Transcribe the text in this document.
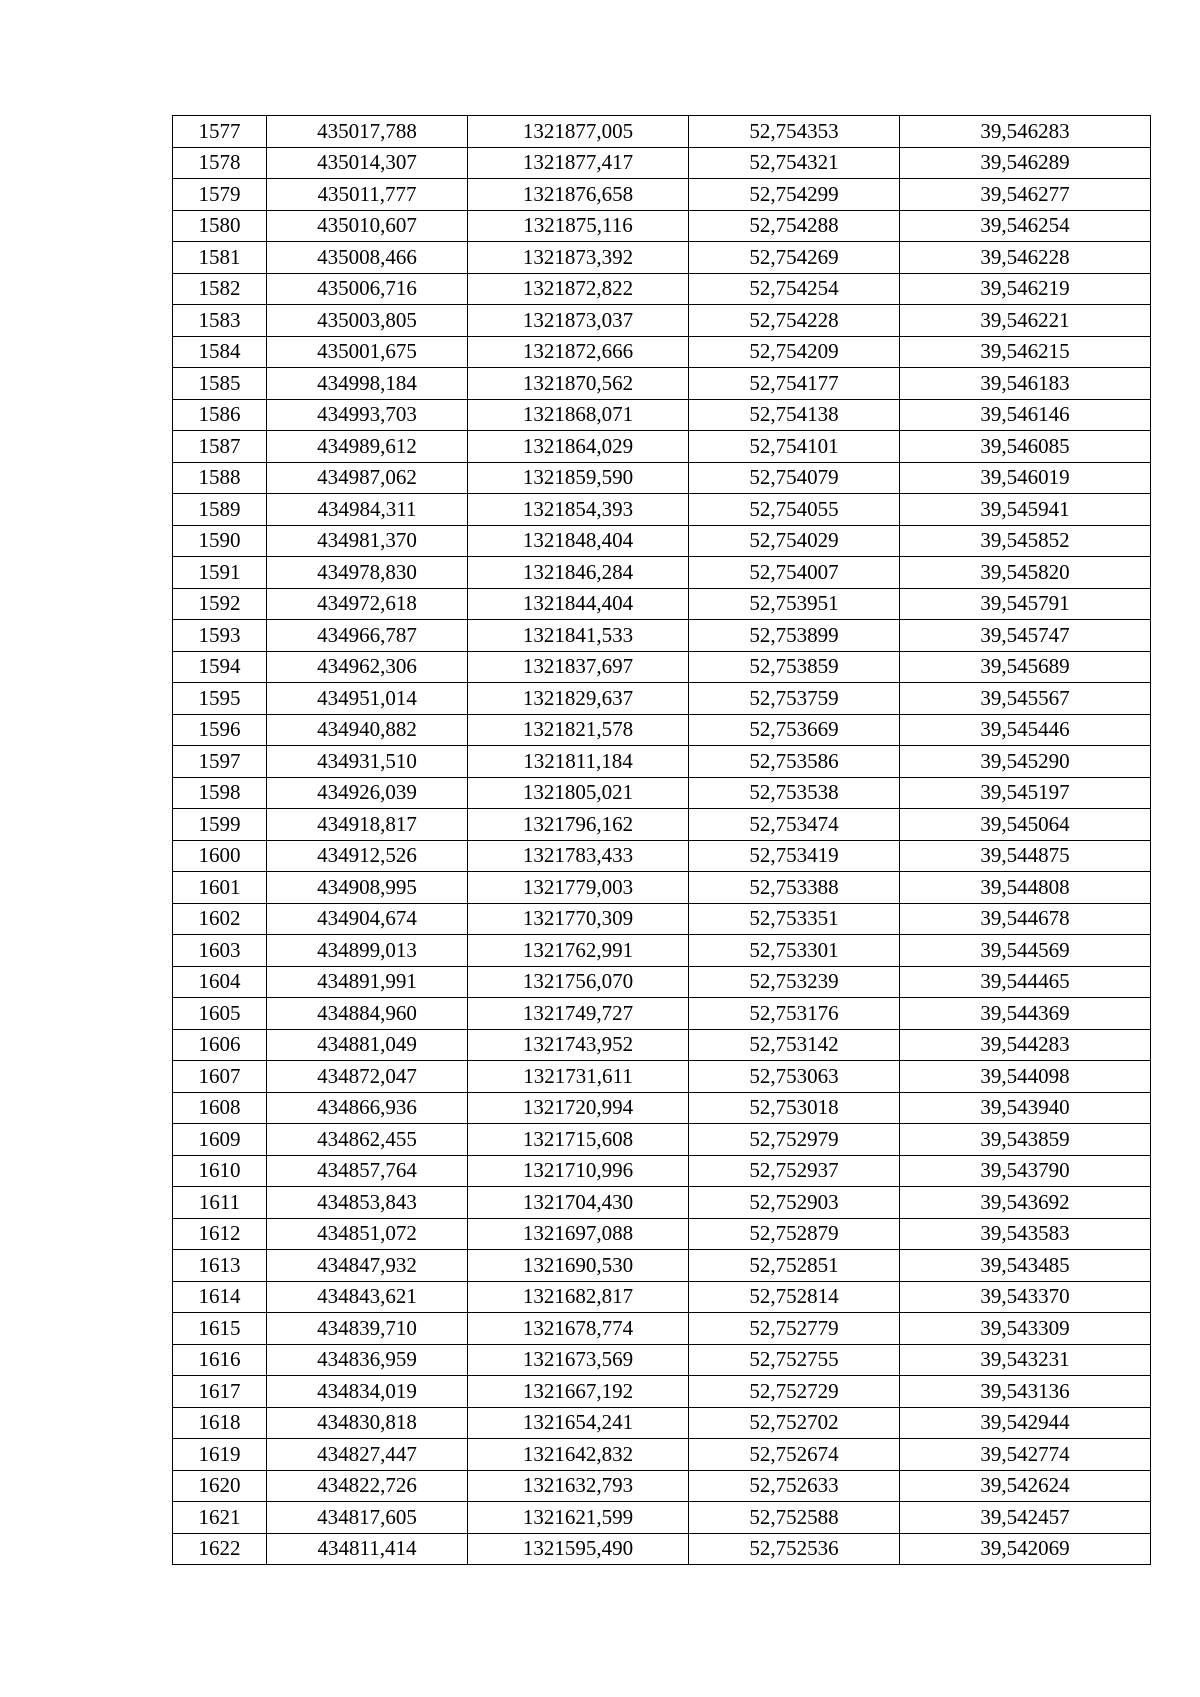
1577	435017,788	1321877,005	52,754353	39,546283
1578	435014,307	1321877,417	52,754321	39,546289
1579	435011,777	1321876,658	52,754299	39,546277
1580	435010,607	1321875,116	52,754288	39,546254
1581	435008,466	1321873,392	52,754269	39,546228
1582	435006,716	1321872,822	52,754254	39,546219
1583	435003,805	1321873,037	52,754228	39,546221
1584	435001,675	1321872,666	52,754209	39,546215
1585	434998,184	1321870,562	52,754177	39,546183
1586	434993,703	1321868,071	52,754138	39,546146
1587	434989,612	1321864,029	52,754101	39,546085
1588	434987,062	1321859,590	52,754079	39,546019
1589	434984,311	1321854,393	52,754055	39,545941
1590	434981,370	1321848,404	52,754029	39,545852
1591	434978,830	1321846,284	52,754007	39,545820
1592	434972,618	1321844,404	52,753951	39,545791
1593	434966,787	1321841,533	52,753899	39,545747
1594	434962,306	1321837,697	52,753859	39,545689
1595	434951,014	1321829,637	52,753759	39,545567
1596	434940,882	1321821,578	52,753669	39,545446
1597	434931,510	1321811,184	52,753586	39,545290
1598	434926,039	1321805,021	52,753538	39,545197
1599	434918,817	1321796,162	52,753474	39,545064
1600	434912,526	1321783,433	52,753419	39,544875
1601	434908,995	1321779,003	52,753388	39,544808
1602	434904,674	1321770,309	52,753351	39,544678
1603	434899,013	1321762,991	52,753301	39,544569
1604	434891,991	1321756,070	52,753239	39,544465
1605	434884,960	1321749,727	52,753176	39,544369
1606	434881,049	1321743,952	52,753142	39,544283
1607	434872,047	1321731,611	52,753063	39,544098
1608	434866,936	1321720,994	52,753018	39,543940
1609	434862,455	1321715,608	52,752979	39,543859
1610	434857,764	1321710,996	52,752937	39,543790
1611	434853,843	1321704,430	52,752903	39,543692
1612	434851,072	1321697,088	52,752879	39,543583
1613	434847,932	1321690,530	52,752851	39,543485
1614	434843,621	1321682,817	52,752814	39,543370
1615	434839,710	1321678,774	52,752779	39,543309
1616	434836,959	1321673,569	52,752755	39,543231
1617	434834,019	1321667,192	52,752729	39,543136
1618	434830,818	1321654,241	52,752702	39,542944
1619	434827,447	1321642,832	52,752674	39,542774
1620	434822,726	1321632,793	52,752633	39,542624
1621	434817,605	1321621,599	52,752588	39,542457
1622	434811,414	1321595,490	52,752536	39,542069
